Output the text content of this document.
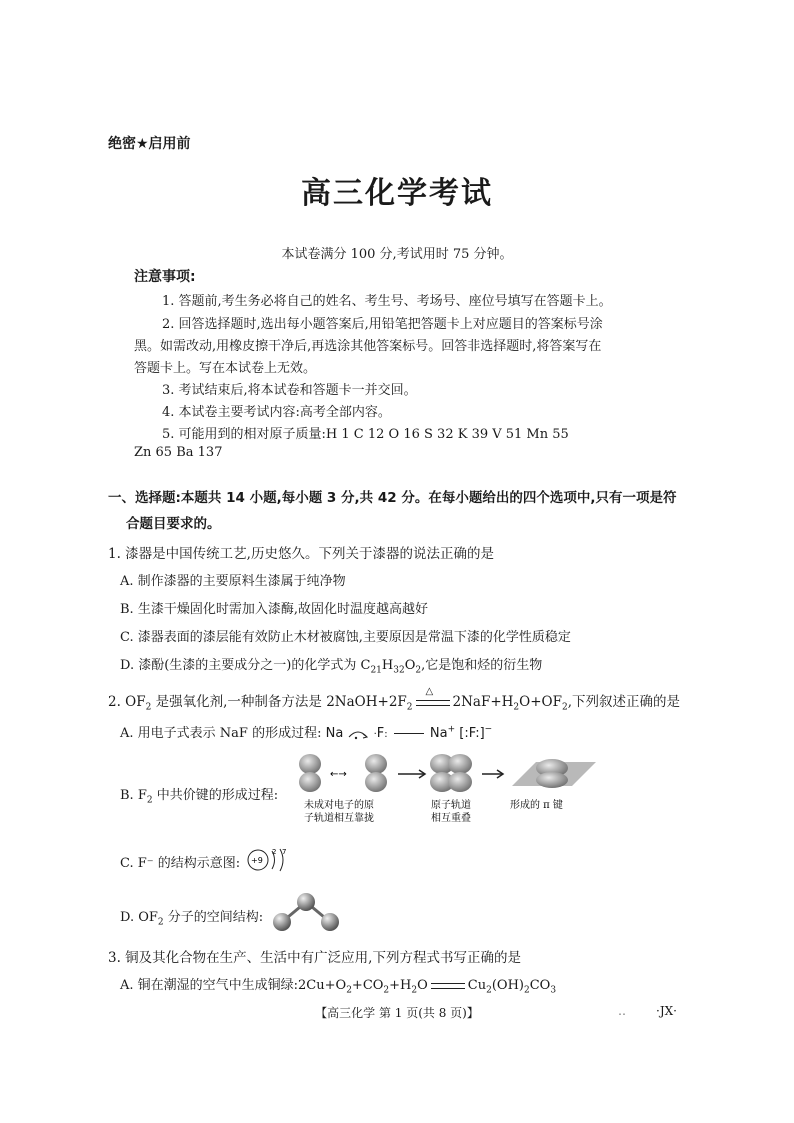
绝密★启用前
高三化学考试
本试卷满分 100 分,考试用时 75 分钟。
注意事项:
1. 答题前,考生务必将自己的姓名、考生号、考场号、座位号填写在答题卡上。
2. 回答选择题时,选出每小题答案后,用铅笔把答题卡上对应题目的答案标号涂
黑。如需改动,用橡皮擦干净后,再选涂其他答案标号。回答非选择题时,将答案写在
答题卡上。写在本试卷上无效。
3. 考试结束后,将本试卷和答题卡一并交回。
4. 本试卷主要考试内容:高考全部内容。
5. 可能用到的相对原子质量:H 1 C 12 O 16 S 32 K 39 V 51 Mn 55
Zn 65 Ba 137
一、选择题:本题共 14 小题,每小题 3 分,共 42 分。在每小题给出的四个选项中,只有一项是符
合题目要求的。
1. 漆器是中国传统工艺,历史悠久。下列关于漆器的说法正确的是
A. 制作漆器的主要原料生漆属于纯净物
B. 生漆干燥固化时需加入漆酶,故固化时温度越高越好
C. 漆器表面的漆层能有效防止木材被腐蚀,主要原因是常温下漆的化学性质稳定
D. 漆酚(生漆的主要成分之一)的化学式为 $C_{21}H_{32}O_2$,它是饱和烃的衍生物
2. $OF_2$ 是强氧化剂,一种制备方法是 $2NaOH+2F_2$
△
$2NaF+H_2O+OF_2$,下列叙述正确的是
A. 用电子式表示 NaF 的形成过程: Na	·F:	Na+ [:F:]−
B. $F_2$ 中共价键的形成过程:
←→
未成对电子的原
子轨道相互靠拢
原子轨道
相互重叠
形成的 π 键
C. F⁻ 的结构示意图: +9
2 7
D. $OF_2$ 分子的空间结构:
3. 铜及其化合物在生产、生活中有广泛应用,下列方程式书写正确的是
A. 铜在潮湿的空气中生成铜绿$:2Cu+O_2+CO_2+H_2O$	$Cu_2(OH)_2CO_3$
【高三化学 第 1 页(共 8 页)】	‥ ·JX·
